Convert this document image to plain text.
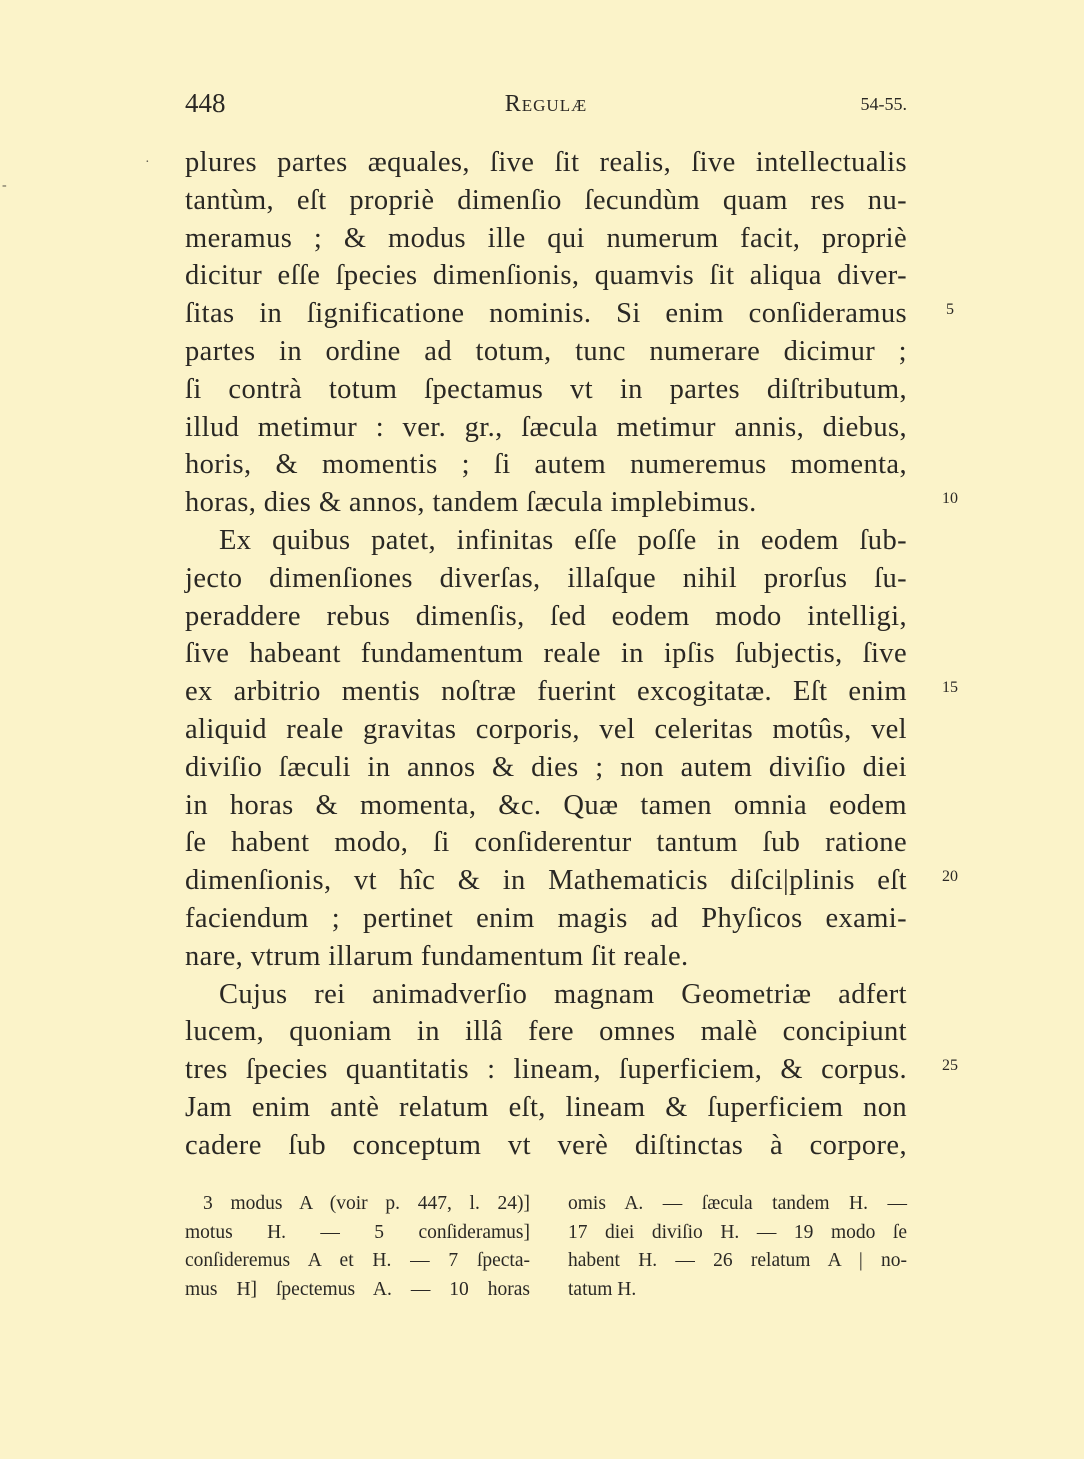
448	Regulæ	54-55.
·
-
plures partes æquales, ſive ſit realis, ſive intellectualis
tantùm, eſt propriè dimenſio ſecundùm quam res nu-
meramus ; & modus ille qui numerum facit, propriè
dicitur eſſe ſpecies dimenſionis, quamvis ſit aliqua diver-
ſitas in ſignificatione nominis. Si enim conſideramus
partes in ordine ad totum, tunc numerare dicimur ;
ſi contrà totum ſpectamus vt in partes diſtributum,
illud metimur : ver. gr., ſæcula metimur annis, diebus,
horis, & momentis ; ſi autem numeremus momenta,
horas, dies & annos, tandem ſæcula implebimus.
Ex quibus patet, infinitas eſſe poſſe in eodem ſub-
jecto dimenſiones diverſas, illaſque nihil prorſus ſu-
peraddere rebus dimenſis, ſed eodem modo intelligi,
ſive habeant fundamentum reale in ipſis ſubjectis, ſive
ex arbitrio mentis noſtræ fuerint excogitatæ. Eſt enim
aliquid reale gravitas corporis, vel celeritas motûs, vel
diviſio ſæculi in annos & dies ; non autem diviſio diei
in horas & momenta, &c. Quæ tamen omnia eodem
ſe habent modo, ſi conſiderentur tantum ſub ratione
dimenſionis, vt hîc & in Mathematicis diſci|plinis eſt
faciendum ; pertinet enim magis ad Phyſicos exami-
nare, vtrum illarum fundamentum ſit reale.
Cujus rei animadverſio magnam Geometriæ adfert
lucem, quoniam in illâ fere omnes malè concipiunt
tres ſpecies quantitatis : lineam, ſuperficiem, & corpus.
Jam enim antè relatum eſt, lineam & ſuperficiem non
cadere ſub conceptum vt verè diſtinctas à corpore,
5
10
15
20
25
3 modus A (voir p. 447, l. 24)]
motus H. — 5 conſideramus]
conſideremus A et H. — 7 ſpecta-
mus H] ſpectemus A. — 10 horas
omis A. — ſæcula tandem H. —
17 diei diviſio H. — 19 modo ſe
habent H. — 26 relatum A | no-
tatum H.
